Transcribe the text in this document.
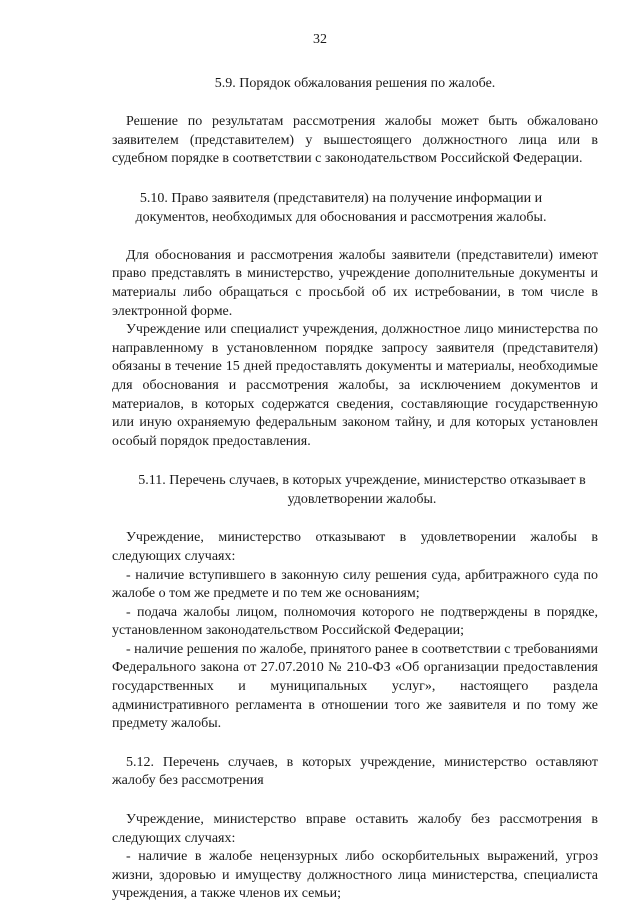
32

5.9. Порядок обжалования решения по жалобе.

Решение по результатам рассмотрения жалобы может быть обжаловано заявителем (представителем) у вышестоящего должностного лица или в судебном порядке в соответствии с законодательством Российской Федерации.

5.10. Право заявителя (представителя) на получение информации и документов, необходимых для обоснования и рассмотрения жалобы.

Для обоснования и рассмотрения жалобы заявители (представители) имеют право представлять в министерство, учреждение дополнительные документы и материалы либо обращаться с просьбой об их истребовании, в том числе в электронной форме.

Учреждение или специалист учреждения, должностное лицо министерства по направленному в установленном порядке запросу заявителя (представителя) обязаны в течение 15 дней предоставлять документы и материалы, необходимые для обоснования и рассмотрения жалобы, за исключением документов и материалов, в которых содержатся сведения, составляющие государственную или иную охраняемую федеральным законом тайну, и для которых установлен особый порядок предоставления.

5.11. Перечень случаев, в которых учреждение, министерство отказывает в удовлетворении жалобы.

Учреждение, министерство отказывают в удовлетворении жалобы в следующих случаях:

- наличие вступившего в законную силу решения суда, арбитражного суда по жалобе о том же предмете и по тем же основаниям;

- подача жалобы лицом, полномочия которого не подтверждены в порядке, установленном законодательством Российской Федерации;

- наличие решения по жалобе, принятого ранее в соответствии с требованиями Федерального закона от 27.07.2010 № 210-ФЗ «Об организации предоставления государственных и муниципальных услуг», настоящего раздела административного регламента в отношении того же заявителя и по тому же предмету жалобы.

5.12. Перечень случаев, в которых учреждение, министерство оставляют жалобу без рассмотрения

Учреждение, министерство вправе оставить жалобу без рассмотрения в следующих случаях:

- наличие в жалобе нецензурных либо оскорбительных выражений, угроз жизни, здоровью и имуществу должностного лица министерства, специалиста учреждения, а также членов их семьи;
